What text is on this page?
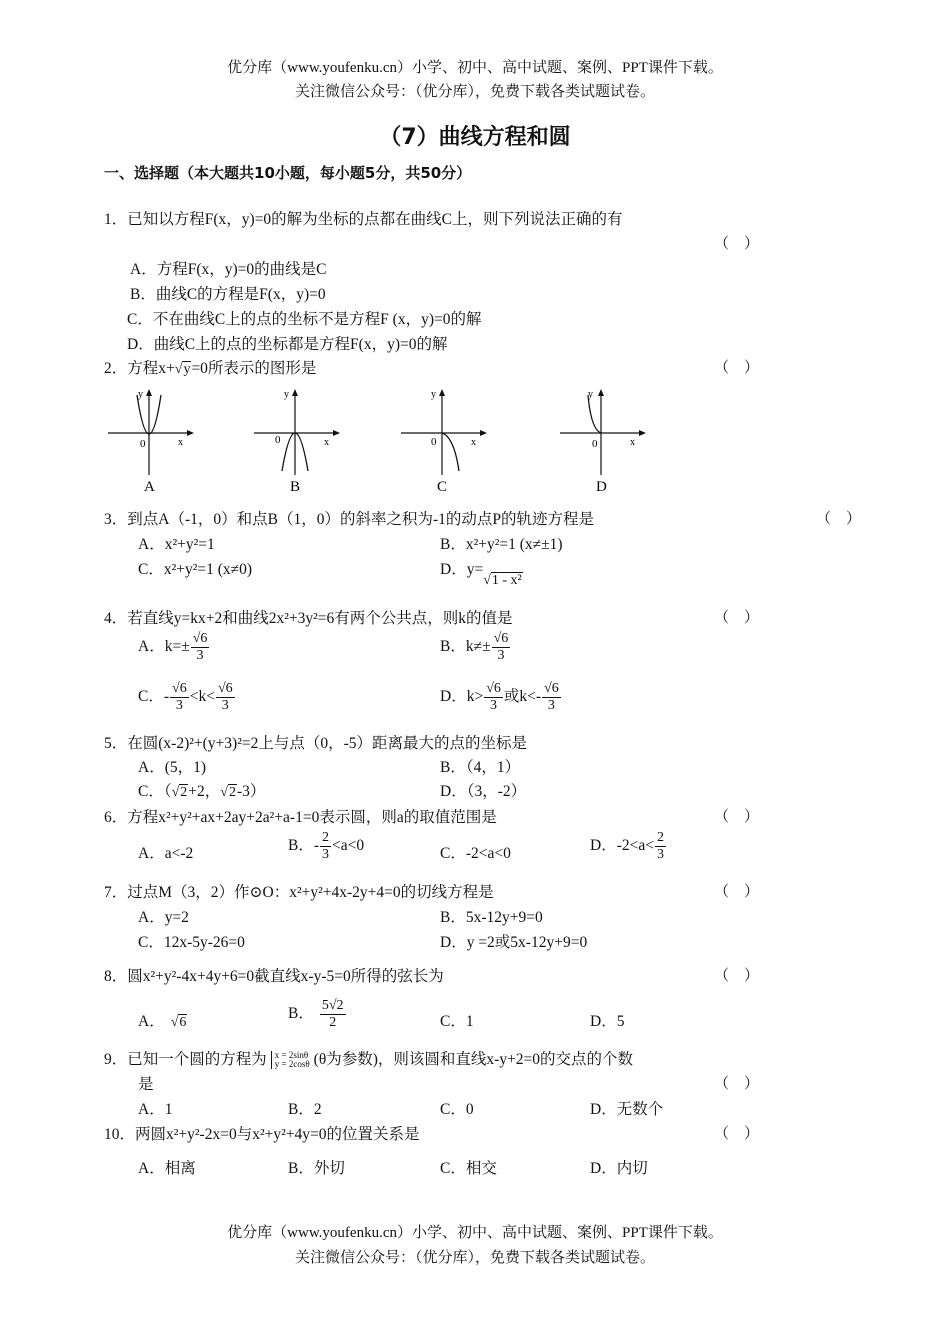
优分库（www.youfenku.cn）小学、初中、高中试题、案例、PPT课件下载。
关注微信公众号：（优分库），免费下载各类试题试卷。
（7）曲线方程和圆
一、选择题（本大题共10小题，每小题5分，共50分）
1．已知以方程F(x，y)=0的解为坐标的点都在曲线C上，则下列说法正确的有
（　）
A．方程F(x，y)=0的曲线是C
B．曲线C的方程是F(x，y)=0
C．不在曲线C上的点的坐标不是方程F (x，y)=0的解
D．曲线C上的点的坐标都是方程F(x，y)=0的解
2．方程x+√y=0所表示的图形是	（　）
y
x
0
A
y
x
0
B
y
x
0
C
y
x
0
D
3．到点A（-1，0）和点B（1，0）的斜率之积为-1的动点P的轨迹方程是	（　）
A．x²+y²=1	B．x²+y²=1 (x≠±1)
C．x²+y²=1 (x≠0)	D．y=√1 - x²
4．若直线y=kx+2和曲线2x²+3y²=6有两个公共点，则k的值是	（　）
A．$k=\pm \frac{√6}{3}$	B．$k\ne\pm \frac{√6}{3}$
C．- $\frac{√6}{3} <k< \frac{√6}{3}$	D．$k> \frac{√6}{3}$ 或$k<- \frac{√6}{3}$
5．在圆(x-2)²+(y+3)²=2上与点（0，-5）距离最大的点的坐标是
A．(5，1)	B．（4，1）
C．（√2+2，√2-3）	D．（3，-2）
6．方程x²+y²+ax+2ay+2a²+a-1=0表示圆，则a的取值范围是	（　）
A．a<-2	B．- $\frac{2}{3} <a<0$	C．-2<a<0	D．$-2<a< \frac{2}{3}$
7．过点M（3，2）作⊙O：x²+y²+4x-2y+4=0的切线方程是	（　）
A．y=2	B．5x-12y+9=0
C．12x-5y-26=0	D．y =2或5x-12y+9=0
8．圆x²+y²-4x+4y+6=0截直线x-y-5=0所得的弦长为	（　）
A． √6
B． $\frac{5√2}{2}$	C．1	D．5
9．已知一个圆的方程为 x = 2sinθ
y = 2cosθ (θ为参数)，则该圆和直线x-y+2=0的交点的个数
是	（　）
A．1	B．2	C．0	D．无数个
10．两圆x²+y²-2x=0与x²+y²+4y=0的位置关系是	（　）
A．相离	B．外切	C．相交	D．内切
优分库（www.youfenku.cn）小学、初中、高中试题、案例、PPT课件下载。
关注微信公众号：（优分库），免费下载各类试题试卷。
